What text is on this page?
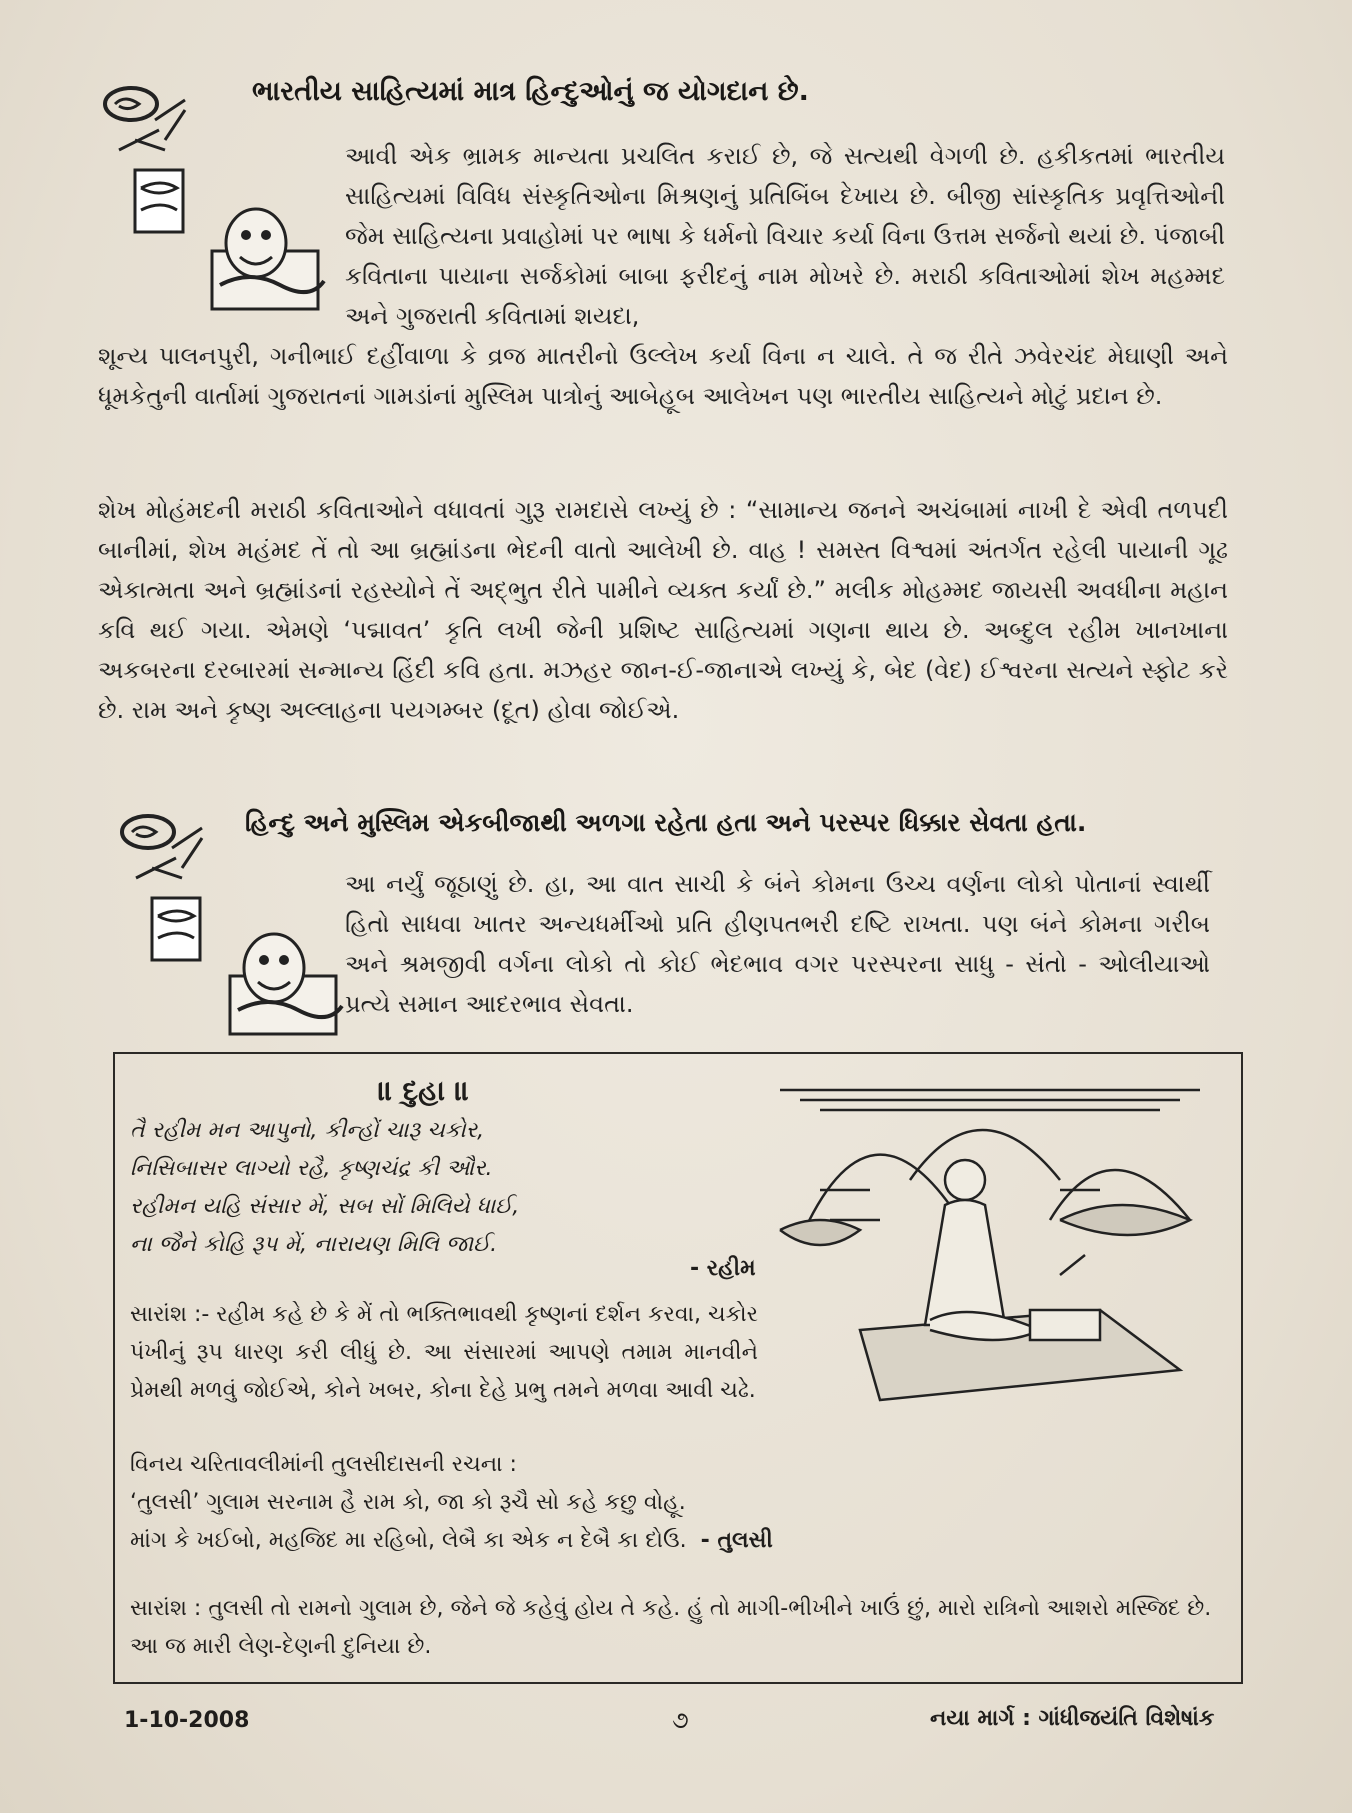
ભારતીય સાહિત્યમાં માત્ર હિન્દુઓનું જ યોગદાન છે.
આવી એક ભ્રામક માન્યતા પ્રચલિત કરાઈ છે, જે સત્યથી વેગળી છે. હકીકતમાં ભારતીય સાહિત્યમાં વિવિધ સંસ્કૃતિઓના મિશ્રણનું પ્રતિબિંબ દેખાય છે. બીજી સાંસ્કૃતિક પ્રવૃત્તિઓની જેમ સાહિત્યના પ્રવાહોમાં પર ભાષા કે ધર્મનો વિચાર કર્યા વિના ઉત્તમ સર્જનો થયાં છે. પંજાબી કવિતાના પાયાના સર્જકોમાં બાબા ફરીદનું નામ મોખરે છે. મરાઠી કવિતાઓમાં શેખ મહમ્મદ અને ગુજરાતી કવિતામાં શયદા,
શૂન્ય પાલનપુરી, ગનીભાઈ દહીંવાળા કે વ્રજ માતરીનો ઉલ્લેખ કર્યા વિના ન ચાલે. તે જ રીતે ઝવેરચંદ મેઘાણી અને ધૂમકેતુની વાર્તામાં ગુજરાતનાં ગામડાંનાં મુસ્લિમ પાત્રોનું આબેહૂબ આલેખન પણ ભારતીય સાહિત્યને મોટું પ્રદાન છે.
શેખ મોહંમદની મરાઠી કવિતાઓને વધાવતાં ગુરૂ રામદાસે લખ્યું છે : “સામાન્ય જનને અચંબામાં નાખી દે એવી તળપદી બાનીમાં, શેખ મહંમદ તેં તો આ બ્રહ્માંડના ભેદની વાતો આલેખી છે. વાહ ! સમસ્ત વિશ્વમાં અંતર્ગત રહેલી પાયાની ગૂઢ એકાત્મતા અને બ્રહ્માંડનાં રહસ્યોને તેં અદ્‌ભુત રીતે પામીને વ્યક્ત કર્યાં છે.” મલીક મોહમ્મદ જાયસી અવધીના મહાન કવિ થઈ ગયા. એમણે ‘પદ્માવત’ કૃતિ લખી જેની પ્રશિષ્ટ સાહિત્યમાં ગણના થાય છે. અબ્દુલ રહીમ ખાનખાના અકબરના દરબારમાં સન્માન્ય હિંદી કવિ હતા. મઝહર જાન-ઈ-જાનાએ લખ્યું કે, બેદ (વેદ) ઈશ્વરના સત્યને સ્ફોટ કરે છે. રામ અને કૃષ્ણ અલ્લાહના પયગમ્બર (દૂત) હોવા જોઈએ.
હિન્દુ અને મુસ્લિમ એકબીજાથી અળગા રહેતા હતા અને પરસ્પર ધિક્કાર સેવતા હતા.
આ નર્યું જૂઠાણું છે. હા, આ વાત સાચી કે બંને કોમના ઉચ્ચ વર્ણના લોકો પોતાનાં સ્વાર્થી હિતો સાધવા ખાતર અન્યધર્મીઓ પ્રતિ હીણપતભરી દષ્ટિ રાખતા. પણ બંને કોમના ગરીબ અને શ્રમજીવી વર્ગના લોકો તો કોઈ ભેદભાવ વગર પરસ્પરના સાધુ - સંતો - ઓલીયાઓ પ્રત્યે સમાન આદરભાવ સેવતા.
॥ દુહા ॥
તૈ રહીમ મન આપુનો, કીન્હોં ચારૂ ચકોર,
નિસિબાસર લાગ્યો રહૈ, કૃષ્ણચંદ્ર કી ઔર.
રહીમન યહિ સંસાર મેં, સબ સોં મિલિયે ધાઈ,
ના જૈને કોહિ રૂપ મેં, નારાયણ મિલિ જાઈ.
- રહીમ
સારાંશ :- રહીમ કહે છે કે મેં તો ભક્તિભાવથી કૃષ્ણનાં દર્શન કરવા, ચકોર પંખીનું રૂપ ધારણ કરી લીધું છે. આ સંસારમાં આપણે તમામ માનવીને પ્રેમથી મળવું જોઈએ, કોને ખબર, કોના દેહે પ્રભુ તમને મળવા આવી ચઢે.
વિનય ચરિતાવલીમાંની તુલસીદાસની રચના :
‘તુલસી’ ગુલામ સરનામ હૈ રામ કો, જા કો રૂચૈ સો કહે કછુ વોહૂ.
માંગ કે ખઈબો, મહજિદ મા રહિબો, લેબૈ કા એક ન દેબૈ કા દોઉ. - તુલસી
સારાંશ : તુલસી તો રામનો ગુલામ છે, જેને જે કહેવું હોય તે કહે. હું તો માગી-ભીખીને ખાઉં છું, મારો રાત્રિનો આશરો મસ્જિદ છે. આ જ મારી લેણ-દેણની દુનિયા છે.
1-10-2008	૭	નયા માર્ગ : ગાંધીજયંતિ વિશેષાંક
